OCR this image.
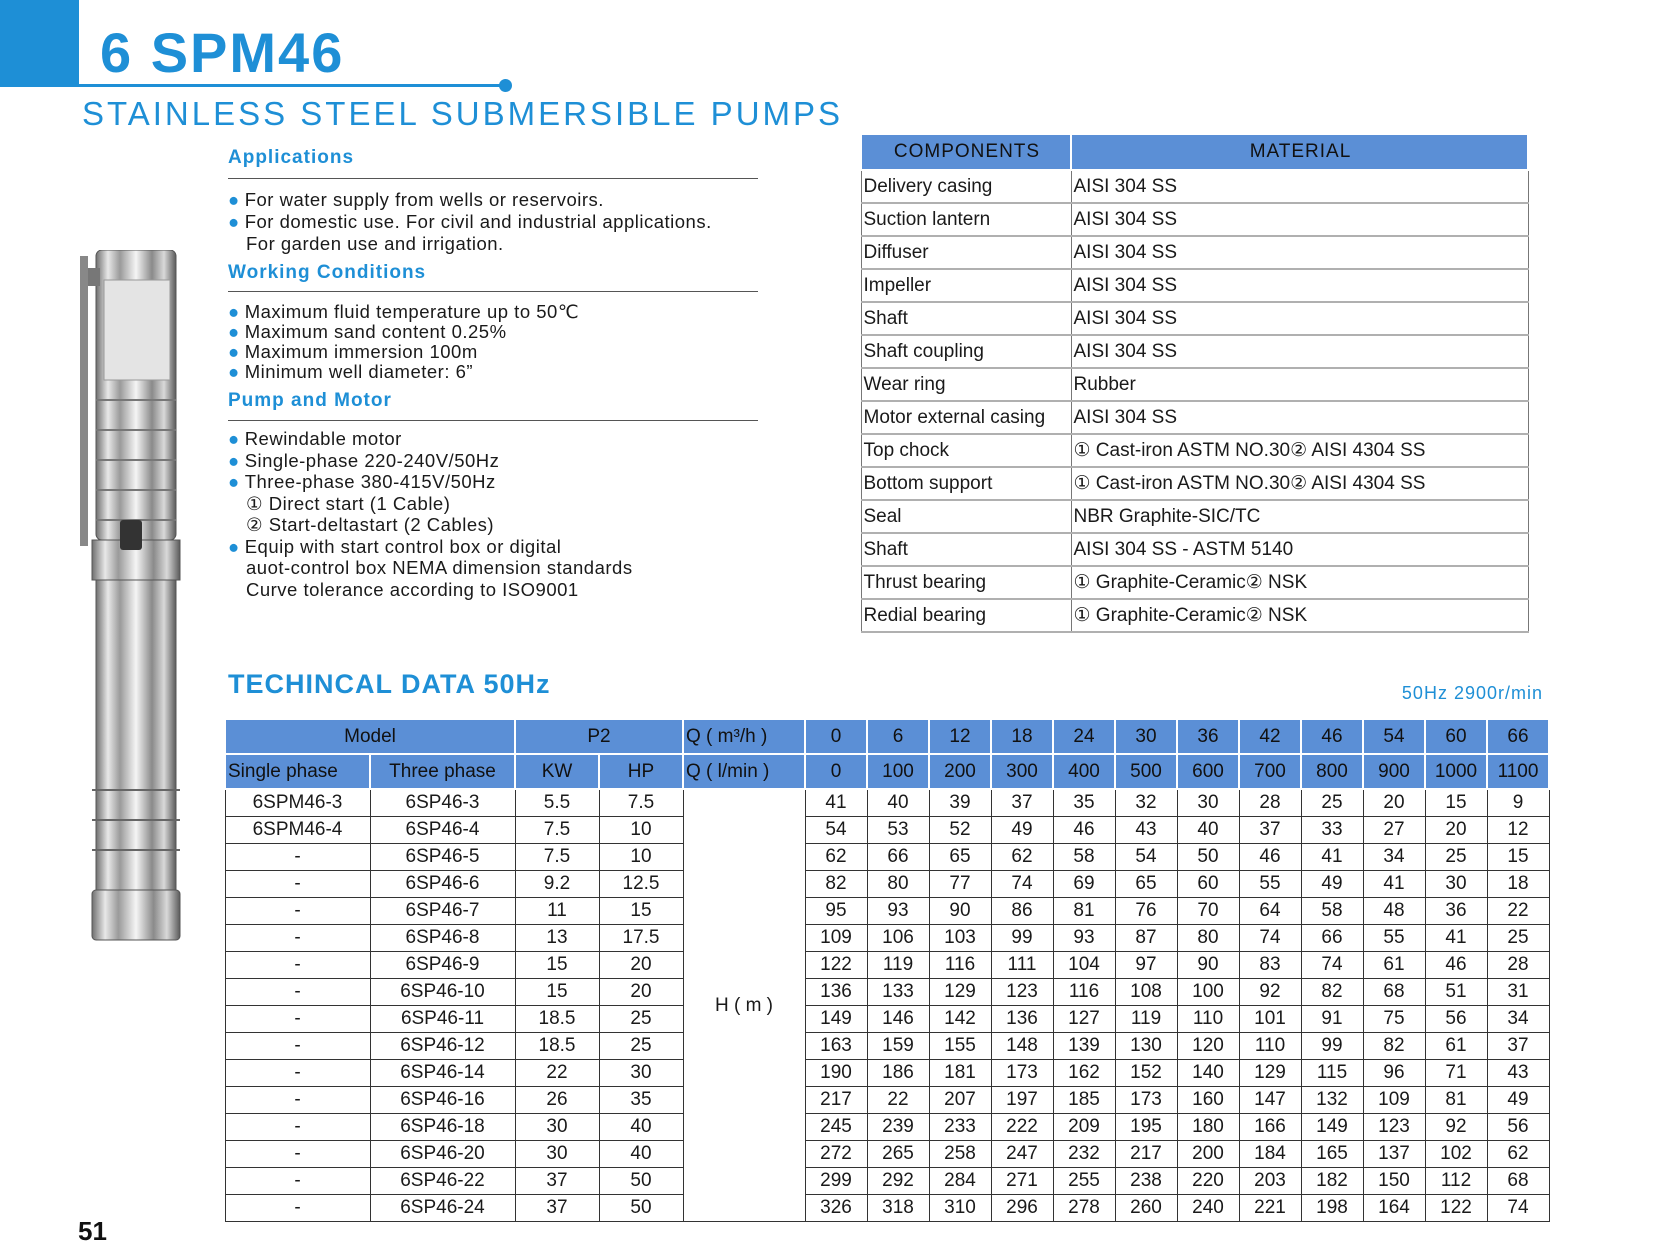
6 SPM46
STAINLESS STEEL SUBMERSIBLE PUMPS
Applications
● For water supply from wells or reservoirs.
● For domestic use. For civil and industrial applications.
For garden use and irrigation.
Working Conditions
● Maximum fluid temperature up to 50℃
● Maximum sand content 0.25%
● Maximum immersion 100m
● Minimum well diameter: 6”
Pump and Motor
● Rewindable motor
● Single-phase 220-240V/50Hz
● Three-phase 380-415V/50Hz
① Direct start (1 Cable)
② Start-deltastart (2 Cables)
● Equip with start control box or digital
auot-control box NEMA dimension standards
Curve tolerance according to ISO9001
COMPONENTS	MATERIAL
Delivery casing	AISI 304 SS
Suction lantern	AISI 304 SS
Diffuser	AISI 304 SS
Impeller	AISI 304 SS
Shaft	AISI 304 SS
Shaft coupling	AISI 304 SS
Wear ring	Rubber
Motor external casing	AISI 304 SS
Top chock	① Cast-iron ASTM NO.30② AISI 4304 SS
Bottom support	① Cast-iron ASTM NO.30② AISI 4304 SS
Seal	NBR Graphite-SIC/TC
Shaft	AISI 304 SS - ASTM 5140
Thrust bearing	① Graphite-Ceramic② NSK
Redial bearing	① Graphite-Ceramic② NSK
TECHINCAL DATA 50Hz	50Hz 2900r/min
Model		P2		Q ( m³/h )	0	6	12	18	24	30	36	42	46	54	60	66
Single phase	Three phase	KW	HP	Q ( l/min )	0	100	200	300	400	500	600	700	800	900	1000	1100
6SPM46-3	6SP46-3	5.5	7.5	H ( m )	41	40	39	37	35	32	30	28	25	20	15	9
6SPM46-4	6SP46-4	7.5	10		54	53	52	49	46	43	40	37	33	27	20	12
-	6SP46-5	7.5	10		62	66	65	62	58	54	50	46	41	34	25	15
-	6SP46-6	9.2	12.5		82	80	77	74	69	65	60	55	49	41	30	18
-	6SP46-7	11	15		95	93	90	86	81	76	70	64	58	48	36	22
-	6SP46-8	13	17.5		109	106	103	99	93	87	80	74	66	55	41	25
-	6SP46-9	15	20		122	119	116	111	104	97	90	83	74	61	46	28
-	6SP46-10	15	20		136	133	129	123	116	108	100	92	82	68	51	31
-	6SP46-11	18.5	25		149	146	142	136	127	119	110	101	91	75	56	34
-	6SP46-12	18.5	25		163	159	155	148	139	130	120	110	99	82	61	37
-	6SP46-14	22	30		190	186	181	173	162	152	140	129	115	96	71	43
-	6SP46-16	26	35		217	22	207	197	185	173	160	147	132	109	81	49
-	6SP46-18	30	40		245	239	233	222	209	195	180	166	149	123	92	56
-	6SP46-20	30	40		272	265	258	247	232	217	200	184	165	137	102	62
-	6SP46-22	37	50		299	292	284	271	255	238	220	203	182	150	112	68
-	6SP46-24	37	50		326	318	310	296	278	260	240	221	198	164	122	74
51
